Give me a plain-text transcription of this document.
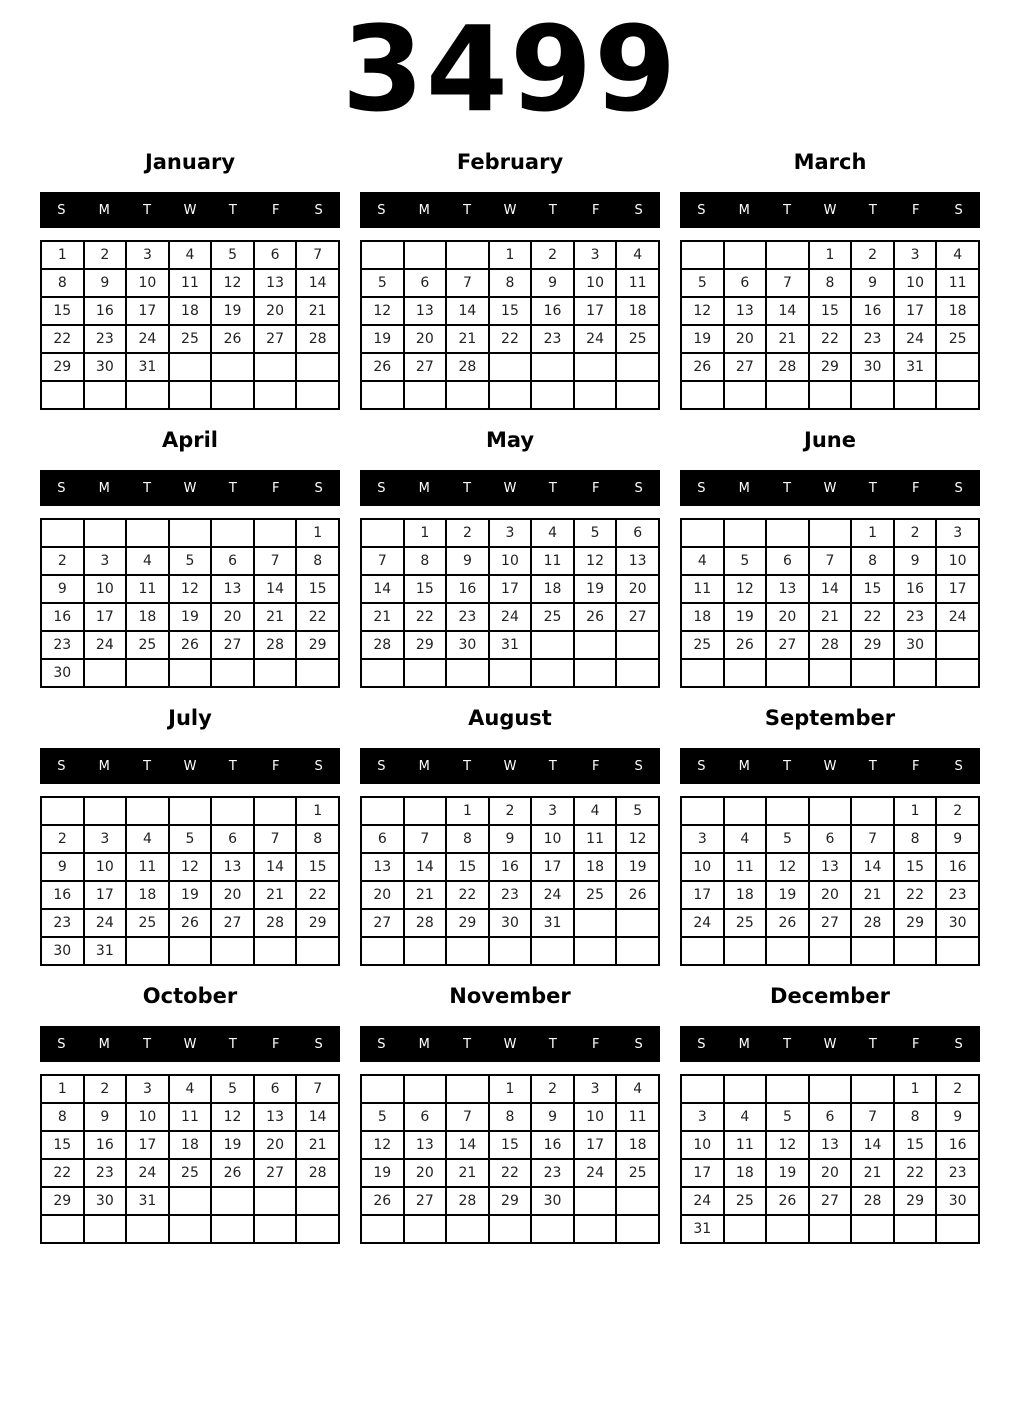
3499
January
S	M	T	W	T	F	S
1	2	3	4	5	6	7
8	9	10	11	12	13	14
15	16	17	18	19	20	21
22	23	24	25	26	27	28
29	30	31				

February
S	M	T	W	T	F	S
			1	2	3	4
5	6	7	8	9	10	11
12	13	14	15	16	17	18
19	20	21	22	23	24	25
26	27	28				

March
S	M	T	W	T	F	S
			1	2	3	4
5	6	7	8	9	10	11
12	13	14	15	16	17	18
19	20	21	22	23	24	25
26	27	28	29	30	31	

April
S	M	T	W	T	F	S
						1
2	3	4	5	6	7	8
9	10	11	12	13	14	15
16	17	18	19	20	21	22
23	24	25	26	27	28	29
30						
May
S	M	T	W	T	F	S
	1	2	3	4	5	6
7	8	9	10	11	12	13
14	15	16	17	18	19	20
21	22	23	24	25	26	27
28	29	30	31			

June
S	M	T	W	T	F	S
				1	2	3
4	5	6	7	8	9	10
11	12	13	14	15	16	17
18	19	20	21	22	23	24
25	26	27	28	29	30	

July
S	M	T	W	T	F	S
						1
2	3	4	5	6	7	8
9	10	11	12	13	14	15
16	17	18	19	20	21	22
23	24	25	26	27	28	29
30	31					
August
S	M	T	W	T	F	S
		1	2	3	4	5
6	7	8	9	10	11	12
13	14	15	16	17	18	19
20	21	22	23	24	25	26
27	28	29	30	31		

September
S	M	T	W	T	F	S
					1	2
3	4	5	6	7	8	9
10	11	12	13	14	15	16
17	18	19	20	21	22	23
24	25	26	27	28	29	30

October
S	M	T	W	T	F	S
1	2	3	4	5	6	7
8	9	10	11	12	13	14
15	16	17	18	19	20	21
22	23	24	25	26	27	28
29	30	31				

November
S	M	T	W	T	F	S
			1	2	3	4
5	6	7	8	9	10	11
12	13	14	15	16	17	18
19	20	21	22	23	24	25
26	27	28	29	30		

December
S	M	T	W	T	F	S
					1	2
3	4	5	6	7	8	9
10	11	12	13	14	15	16
17	18	19	20	21	22	23
24	25	26	27	28	29	30
31						
